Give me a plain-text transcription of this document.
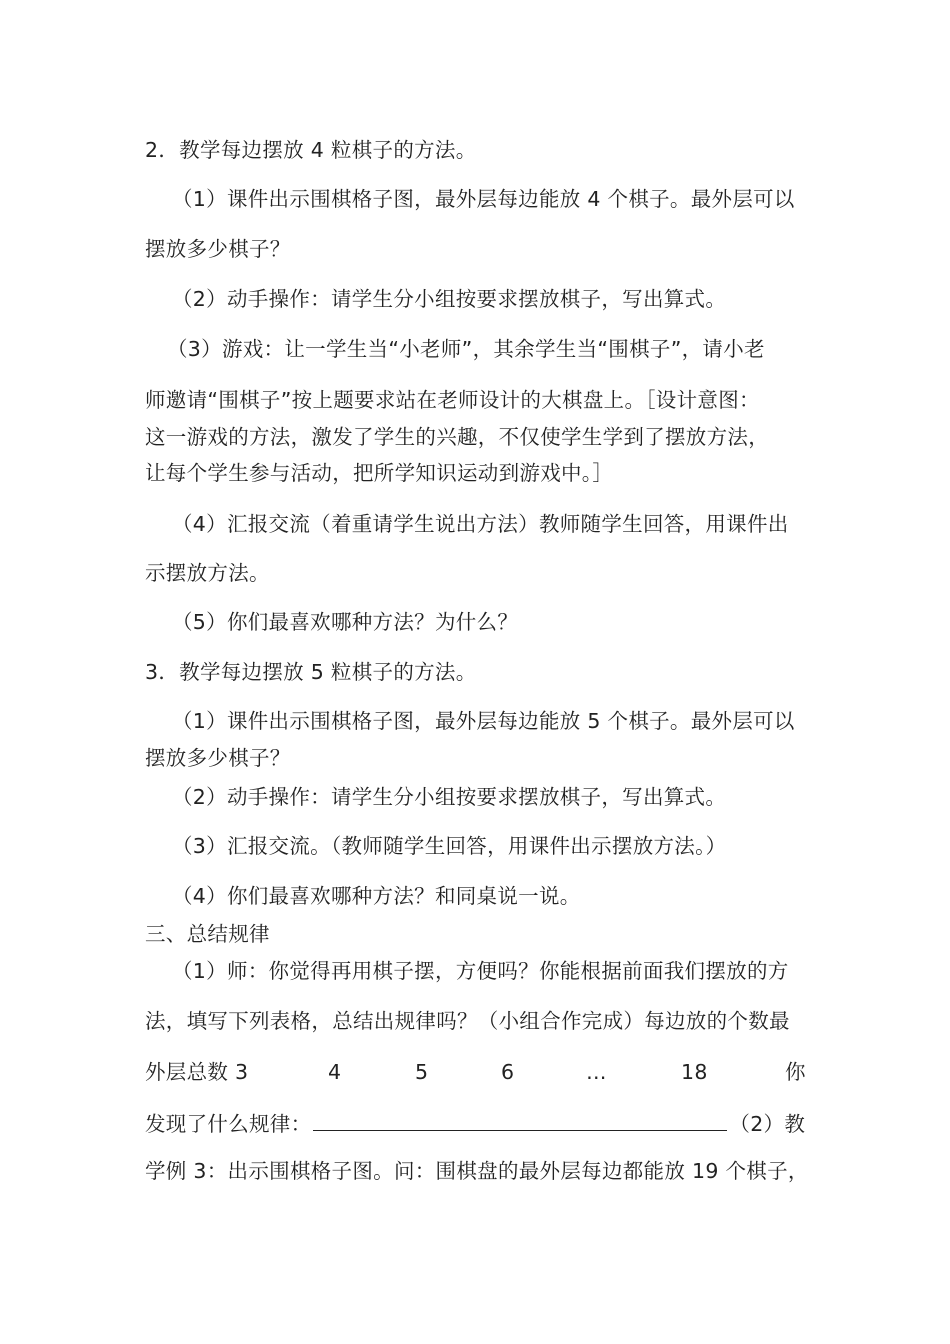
2．教学每边摆放 4 粒棋子的方法。
（1）课件出示围棋格子图，最外层每边能放 4 个棋子。最外层可以
摆放多少棋子？
（2）动手操作：请学生分小组按要求摆放棋子，写出算式。
（3）游戏：让一学生当“小老师”，其余学生当“围棋子”，请小老
师邀请“围棋子”按上题要求站在老师设计的大棋盘上。［设计意图：
这一游戏的方法，激发了学生的兴趣，不仅使学生学到了摆放方法，
让每个学生参与活动，把所学知识运动到游戏中。］
（4）汇报交流（着重请学生说出方法）教师随学生回答，用课件出
示摆放方法。
（5）你们最喜欢哪种方法？为什么？
3．教学每边摆放 5 粒棋子的方法。
（1）课件出示围棋格子图，最外层每边能放 5 个棋子。最外层可以
摆放多少棋子？
（2）动手操作：请学生分小组按要求摆放棋子，写出算式。
（3）汇报交流。（教师随学生回答，用课件出示摆放方法。）
（4）你们最喜欢哪种方法？和同桌说一说。
三、总结规律
（1）师：你觉得再用棋子摆，方便吗？你能根据前面我们摆放的方
法，填写下列表格，总结出规律吗？（小组合作完成）每边放的个数最
外层总数 3	4	5	6	…	18	你
发现了什么规律：	（2）教
学例 3：出示围棋格子图。问：围棋盘的最外层每边都能放 19 个棋子，
